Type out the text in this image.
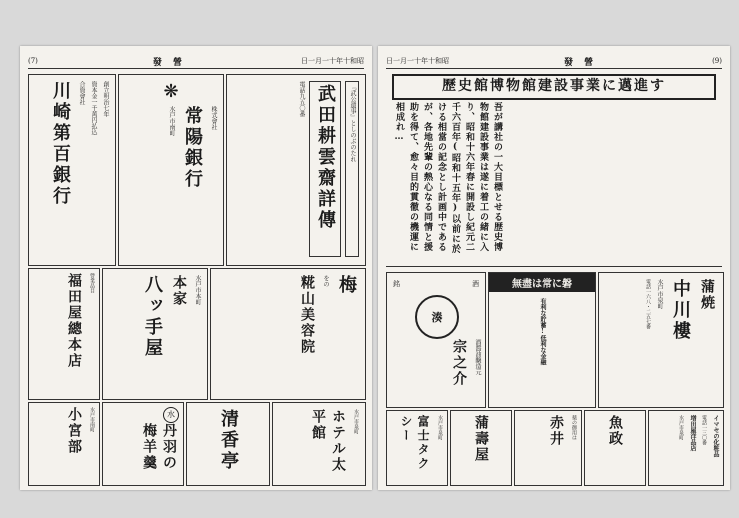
(7)	發 營	日一月一十年十和昭
創立明治七年
資本金一千萬円払込
合資會社
川崎第百銀行	❋
株式會社
常陽銀行
水戸市南町	『武公遺事』としのぶのたれ
武田耕雲齋詳傳
電話九五〇番
營業品目
福田屋總本店	水戸市本町
本家
八ッ手屋	梅
をの
糀山美容院
水戸市南町
小宮部	水
丹羽の梅羊羹	清香亭	水戸市泉町
ホテル太平館
日一月一十年十和昭	發 營	(9)
歷史館博物館建設事業に邁進す
吾が講社の一大目標とせる歴史博物館建設事業は遂に着工の緒に入り、昭和十六年春に開設し紀元二千六百年(昭和十五年)以前に於ける相當の記念とし計画中であるが、各地先輩の熱心なる同情と援助を得て、愈々目的貫徹の機運に相成れ…
酒
銘
湊
酒醬油醸造元
宗之介
無盡は常に磐
有利な貯蓄!低利な金融
蒲焼
中川樓
水戸市泉町
電話一六八・二五七番
水戸市泉町
富士タクシー	蒲壽屋	薬の御用は
赤井	魚政	イマセの化粧品
電話一三〇番
増田屋洋品店
水戸市泉町
